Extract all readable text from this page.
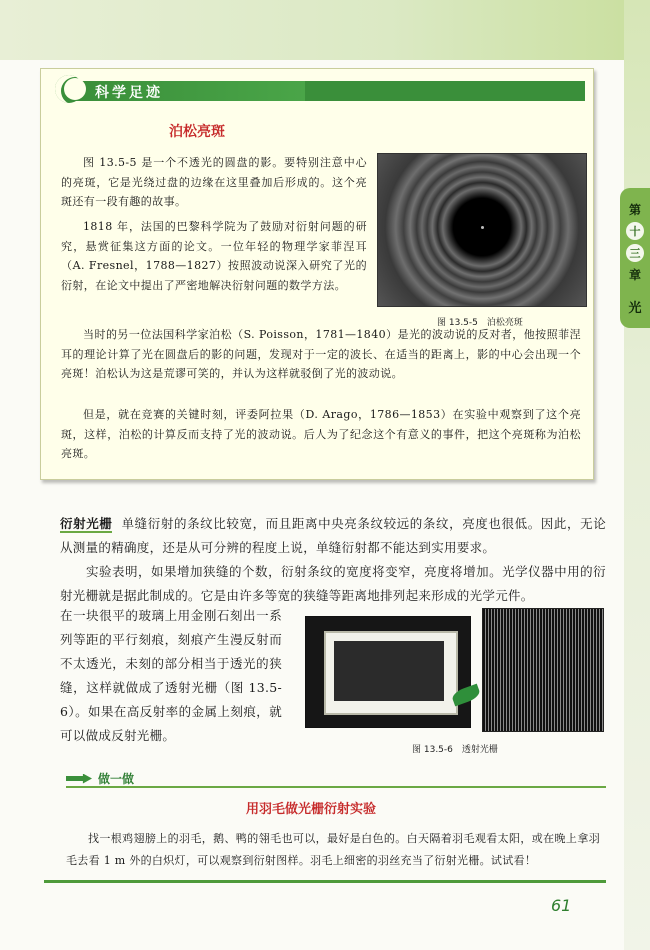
第
十
三
章
光
科学足迹
泊松亮斑
图 13.5-5 是一个不透光的圆盘的影。要特别注意中心的亮斑，它是光绕过盘的边缘在这里叠加后形成的。这个亮斑还有一段有趣的故事。
1818 年，法国的巴黎科学院为了鼓励对衍射问题的研究，悬赏征集这方面的论文。一位年轻的物理学家菲涅耳（A. Fresnel，1788—1827）按照波动说深入研究了光的衍射，在论文中提出了严密地解决衍射问题的数学方法。
图 13.5-5　泊松亮斑
当时的另一位法国科学家泊松（S. Poisson，1781—1840）是光的波动说的反对者，他按照菲涅耳的理论计算了光在圆盘后的影的问题，发现对于一定的波长、在适当的距离上，影的中心会出现一个亮斑！泊松认为这是荒谬可笑的，并认为这样就驳倒了光的波动说。
但是，就在竞赛的关键时刻，评委阿拉果（D. Arago，1786—1853）在实验中观察到了这个亮斑，这样，泊松的计算反而支持了光的波动说。后人为了纪念这个有意义的事件，把这个亮斑称为泊松亮斑。
衍射光栅 单缝衍射的条纹比较宽，而且距离中央亮条纹较远的条纹，亮度也很低。因此，无论从测量的精确度，还是从可分辨的程度上说，单缝衍射都不能达到实用要求。
实验表明，如果增加狭缝的个数，衍射条纹的宽度将变窄，亮度将增加。光学仪器中用的衍射光栅就是据此制成的。它是由许多等宽的狭缝等距离地排列起来形成的光学元件。
在一块很平的玻璃上用金刚石刻出一系列等距的平行刻痕，刻痕产生漫反射而不太透光，未刻的部分相当于透光的狭缝，这样就做成了透射光栅（图 13.5-6）。如果在高反射率的金属上刻痕，就可以做成反射光栅。
图 13.5-6　透射光栅
做一做
用羽毛做光栅衍射实验
找一根鸡翅膀上的羽毛，鹅、鸭的翎毛也可以，最好是白色的。白天隔着羽毛观看太阳，或在晚上拿羽毛去看 1 m 外的白炽灯，可以观察到衍射图样。羽毛上细密的羽丝充当了衍射光栅。试试看！
61
